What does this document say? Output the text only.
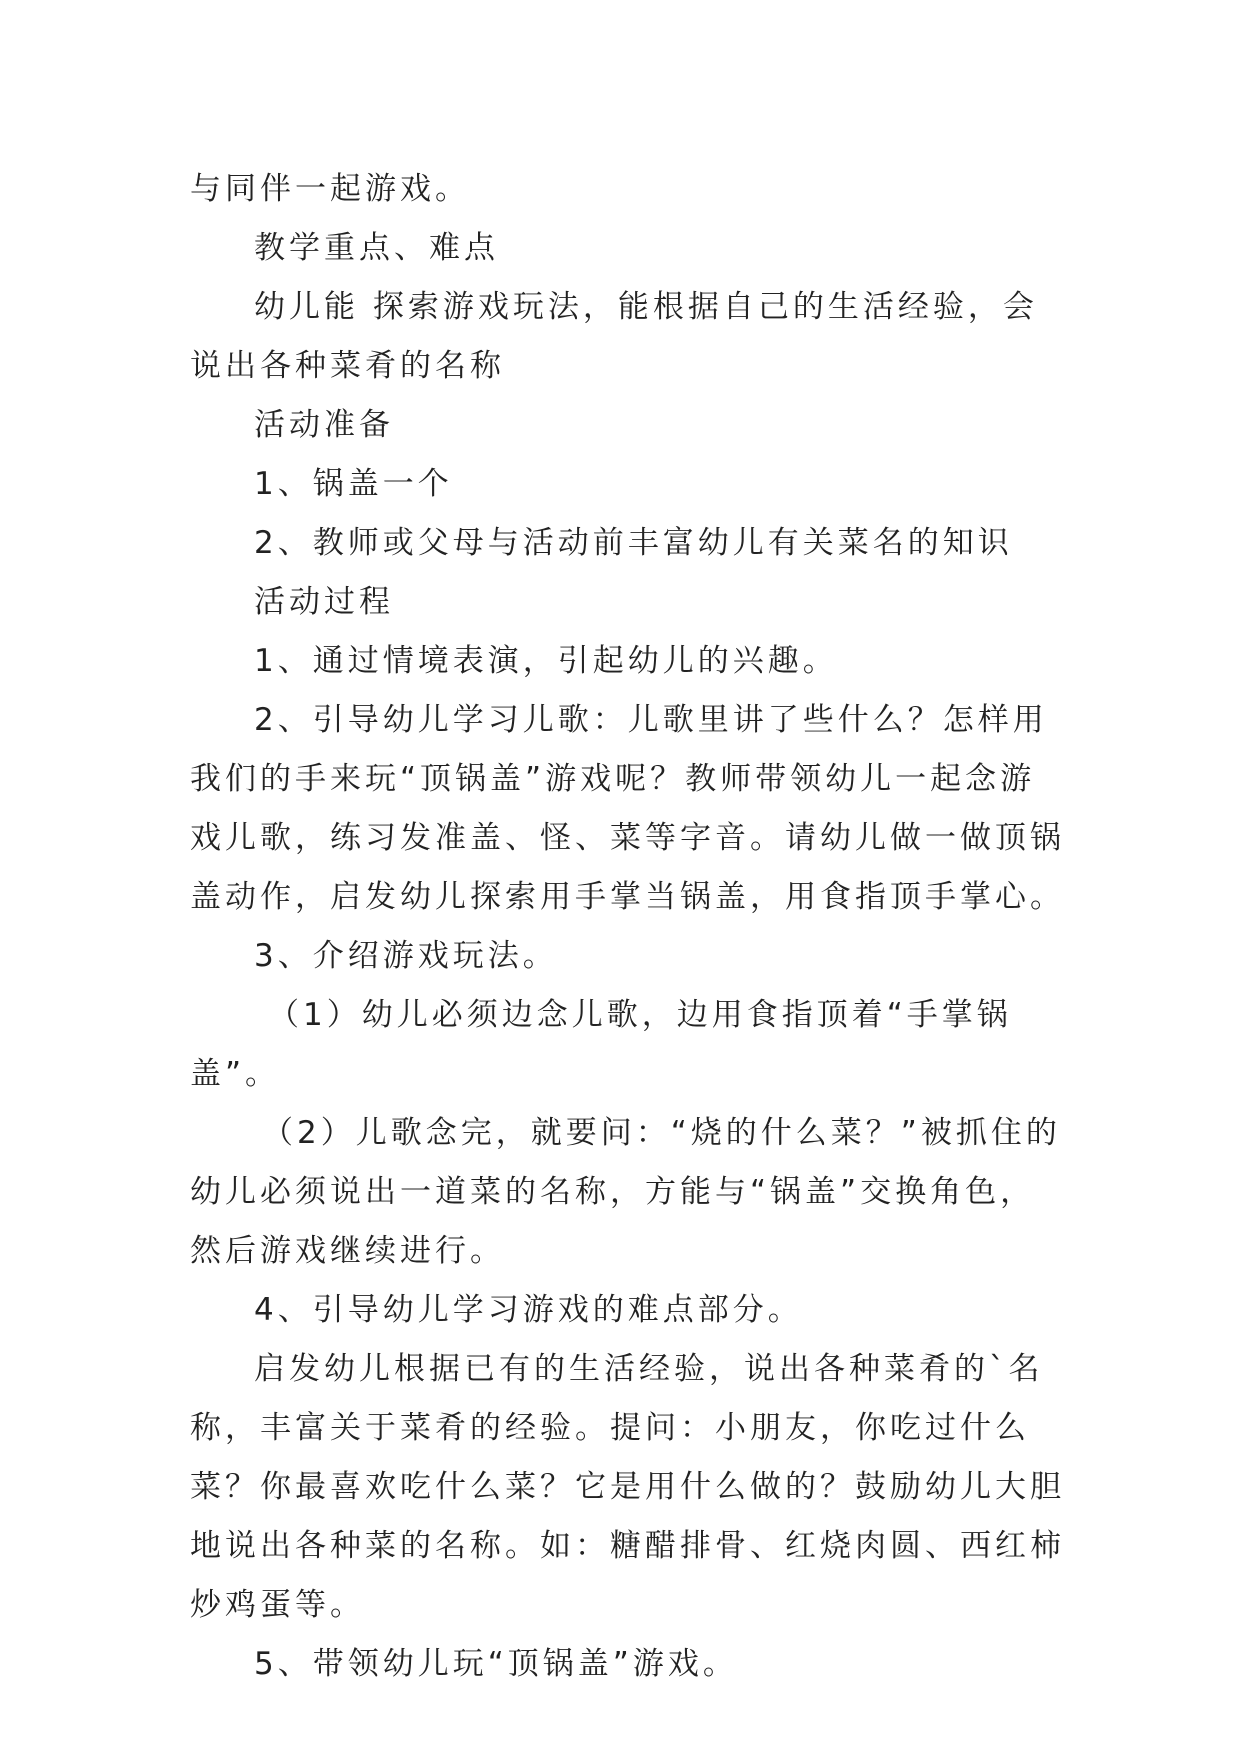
与同伴一起游戏。

教学重点、难点

幼儿能 探索游戏玩法，能根据自己的生活经验，会说出各种菜肴的名称

活动准备

1、锅盖一个

2、教师或父母与活动前丰富幼儿有关菜名的知识

活动过程

1、通过情境表演，引起幼儿的兴趣。

2、引导幼儿学习儿歌：儿歌里讲了些什么？怎样用我们的手来玩“顶锅盖”游戏呢？教师带领幼儿一起念游戏儿歌，练习发准盖、怪、菜等字音。请幼儿做一做顶锅盖动作，启发幼儿探索用手掌当锅盖，用食指顶手掌心。

3、介绍游戏玩法。

（1）幼儿必须边念儿歌，边用食指顶着“手掌锅盖”。

（2）儿歌念完，就要问：“烧的什么菜？”被抓住的幼儿必须说出一道菜的名称，方能与“锅盖”交换角色，然后游戏继续进行。

4、引导幼儿学习游戏的难点部分。

启发幼儿根据已有的生活经验，说出各种菜肴的`名称，丰富关于菜肴的经验。提问：小朋友，你吃过什么菜？你最喜欢吃什么菜？它是用什么做的？鼓励幼儿大胆地说出各种菜的名称。如：糖醋排骨、红烧肉圆、西红柿炒鸡蛋等。

5、带领幼儿玩“顶锅盖”游戏。
